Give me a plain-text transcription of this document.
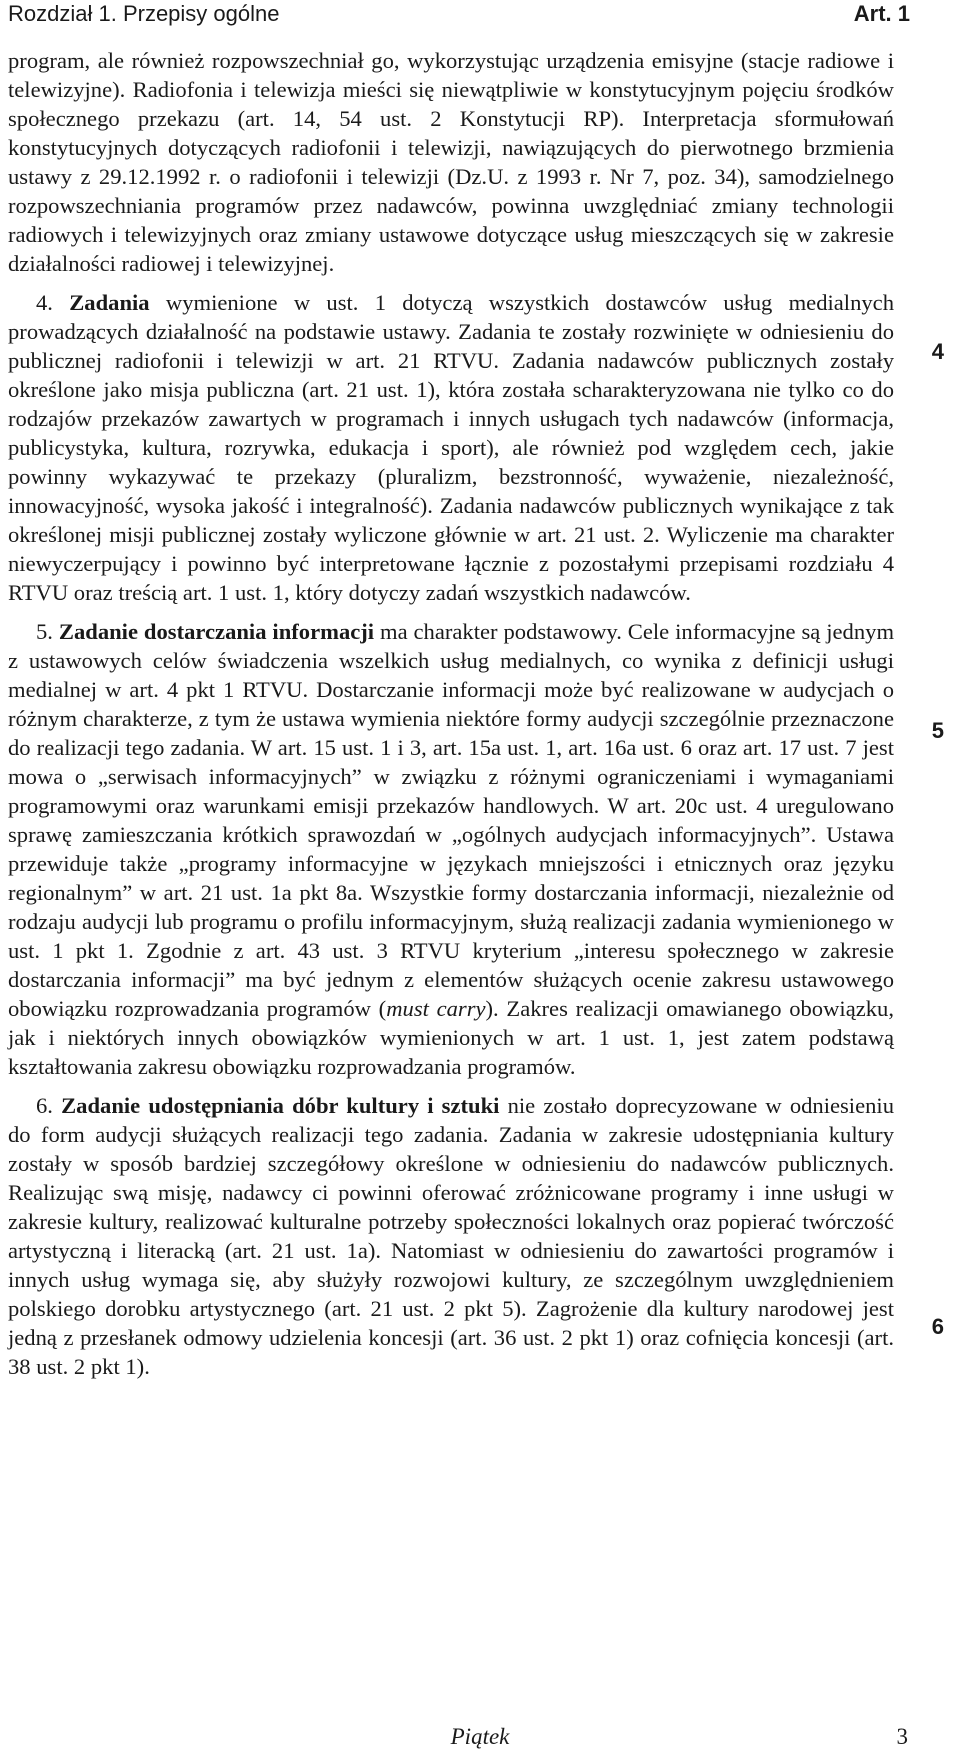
Rozdział 1. Przepisy ogólne	Art. 1

program, ale również rozpowszechniał go, wykorzystując urządzenia emisyjne (stacje radiowe i telewizyjne). Radiofonia i telewizja mieści się niewątpliwie w konstytucyjnym pojęciu środków społecznego przekazu (art. 14, 54 ust. 2 Konstytucji RP). Interpretacja sformułowań konstytucyjnych dotyczących radiofonii i telewizji, nawiązujących do pierwotnego brzmienia ustawy z 29.12.1992 r. o radiofonii i telewizji (Dz.U. z 1993 r. Nr 7, poz. 34), samodzielnego rozpowszechniania programów przez nadawców, powinna uwzględniać zmiany technologii radiowych i telewizyjnych oraz zmiany ustawowe dotyczące usług mieszczących się w zakresie działalności radiowej i telewizyjnej.

4. Zadania wymienione w ust. 1 dotyczą wszystkich dostawców usług medialnych prowadzących działalność na podstawie ustawy. Zadania te zostały rozwinięte w odniesieniu do publicznej radiofonii i telewizji w art. 21 RTVU. Zadania nadawców publicznych zostały określone jako misja publiczna (art. 21 ust. 1), która została scharakteryzowana nie tylko co do rodzajów przekazów zawartych w programach i innych usługach tych nadawców (informacja, publicystyka, kultura, rozrywka, edukacja i sport), ale również pod względem cech, jakie powinny wykazywać te przekazy (pluralizm, bezstronność, wyważenie, niezależność, innowacyjność, wysoka jakość i integralność). Zadania nadawców publicznych wynikające z tak określonej misji publicznej zostały wyliczone głównie w art. 21 ust. 2. Wyliczenie ma charakter niewyczerpujący i powinno być interpretowane łącznie z pozostałymi przepisami rozdziału 4 RTVU oraz treścią art. 1 ust. 1, który dotyczy zadań wszystkich nadawców.

5. Zadanie dostarczania informacji ma charakter podstawowy. Cele informacyjne są jednym z ustawowych celów świadczenia wszelkich usług medialnych, co wynika z definicji usługi medialnej w art. 4 pkt 1 RTVU. Dostarczanie informacji może być realizowane w audycjach o różnym charakterze, z tym że ustawa wymienia niektóre formy audycji szczególnie przeznaczone do realizacji tego zadania. W art. 15 ust. 1 i 3, art. 15a ust. 1, art. 16a ust. 6 oraz art. 17 ust. 7 jest mowa o „serwisach informacyjnych” w związku z różnymi ograniczeniami i wymaganiami programowymi oraz warunkami emisji przekazów handlowych. W art. 20c ust. 4 uregulowano sprawę zamieszczania krótkich sprawozdań w „ogólnych audycjach informacyjnych”. Ustawa przewiduje także „programy informacyjne w językach mniejszości i etnicznych oraz języku regionalnym” w art. 21 ust. 1a pkt 8a. Wszystkie formy dostarczania informacji, niezależnie od rodzaju audycji lub programu o profilu informacyjnym, służą realizacji zadania wymienionego w ust. 1 pkt 1. Zgodnie z art. 43 ust. 3 RTVU kryterium „interesu społecznego w zakresie dostarczania informacji” ma być jednym z elementów służących ocenie zakresu ustawowego obowiązku rozprowadzania programów (must carry). Zakres realizacji omawianego obowiązku, jak i niektórych innych obowiązków wymienionych w art. 1 ust. 1, jest zatem podstawą kształtowania zakresu obowiązku rozprowadzania programów.

6. Zadanie udostępniania dóbr kultury i sztuki nie zostało doprecyzowane w odniesieniu do form audycji służących realizacji tego zadania. Zadania w zakresie udostępniania kultury zostały w sposób bardziej szczegółowy określone w odniesieniu do nadawców publicznych. Realizując swą misję, nadawcy ci powinni oferować zróżnicowane programy i inne usługi w zakresie kultury, realizować kulturalne potrzeby społeczności lokalnych oraz popierać twórczość artystyczną i literacką (art. 21 ust. 1a). Natomiast w odniesieniu do zawartości programów i innych usług wymaga się, aby służyły rozwojowi kultury, ze szczególnym uwzględnieniem polskiego dorobku artystycznego (art. 21 ust. 2 pkt 5). Zagrożenie dla kultury narodowej jest jedną z przesłanek odmowy udzielenia koncesji (art. 36 ust. 2 pkt 1) oraz cofnięcia koncesji (art. 38 ust. 2 pkt 1).

4
5
6
Piątek	3
